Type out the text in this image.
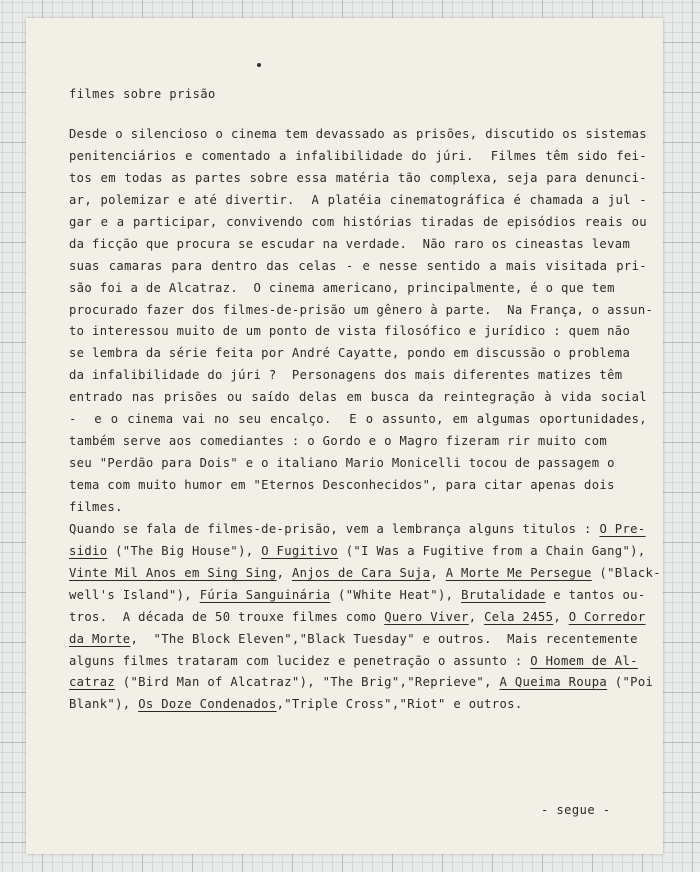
filmes sobre prisão
Desde o silencioso o cinema tem devassado as prisões, discutido os sistemas
penitenciários e comentado a infalibilidade do júri.  Filmes têm sido fei-
tos em todas as partes sobre essa matéria tão complexa, seja para denunci-
ar, polemizar e até divertir.  A platéia cinematográfica é chamada a jul -
gar e a participar, convivendo com histórias tiradas de episódios reais ou
da ficção que procura se escudar na verdade.  Não raro os cineastas levam
suas camaras para dentro das celas - e nesse sentido a mais visitada pri-
são foi a de Alcatraz.  O cinema americano, principalmente, é o que tem
procurado fazer dos filmes-de-prisão um gênero à parte.  Na França, o assun-
to interessou muito de um ponto de vista filosófico e jurídico : quem não
se lembra da série feita por André Cayatte, pondo em discussão o problema
da infalibilidade do júri ?  Personagens dos mais diferentes matizes têm
entrado nas prisões ou saído delas em busca da reintegração à vida social
-  e o cinema vai no seu encalço.  E o assunto, em algumas oportunidades,
também serve aos comediantes : o Gordo e o Magro fizeram rir muito com
seu "Perdão para Dois" e o italiano Mario Monicelli tocou de passagem o
tema com muito humor em "Eternos Desconhecidos", para citar apenas dois
filmes.
Quando se fala de filmes-de-prisão, vem a lembrança alguns titulos : O Pre-
sidio ("The Big House"), O Fugitivo ("I Was a Fugitive from a Chain Gang"),
Vinte Mil Anos em Sing Sing, Anjos de Cara Suja, A Morte Me Persegue ("Black-
well's Island"), Fúria Sanguinária ("White Heat"), Brutalidade e tantos ou-
tros.  A década de 50 trouxe filmes como Quero Viver, Cela 2455, O Corredor
da Morte,  "The Block Eleven","Black Tuesday" e outros.  Mais recentemente
alguns filmes trataram com lucidez e penetração o assunto : O Homem de Al-
catraz ("Bird Man of Alcatraz"), "The Brig","Reprieve", A Queima Roupa ("Poi
Blank"), Os Doze Condenados,"Triple Cross","Riot" e outros.
- segue -
